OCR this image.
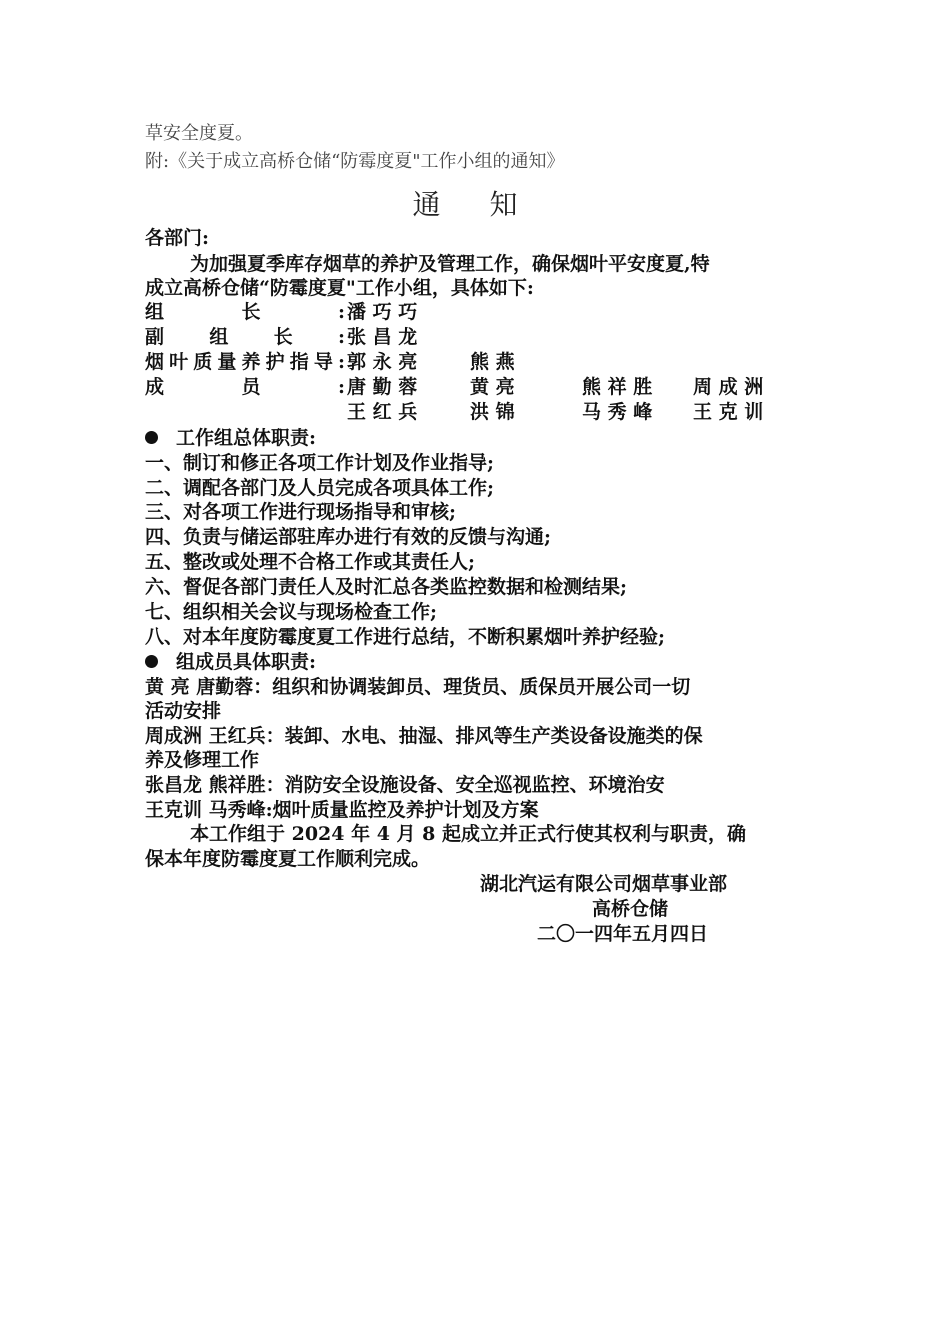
草安全度夏。
附:《关于成立高桥仓储“防霉度夏"工作小组的通知》
通 知
各部门:
为加强夏季库存烟草的养护及管理工作，确保烟叶平安度夏,特
成立高桥仓储“防霉度夏"工作小组，具体如下:
组长: 潘 巧 巧
副组长: 张 昌 龙
烟叶质量养护指导: 郭 永 亮	熊 燕
成员: 唐 勤 蓉	黄 亮	熊 祥 胜 周 成 洲
王 红 兵	洪 锦	马 秀 峰 王 克 训
工作组总体职责:
一、制订和修正各项工作计划及作业指导;
二、调配各部门及人员完成各项具体工作;
三、对各项工作进行现场指导和审核;
四、负责与储运部驻库办进行有效的反馈与沟通;
五、整改或处理不合格工作或其责任人;
六、督促各部门责任人及时汇总各类监控数据和检测结果;
七、组织相关会议与现场检查工作;
八、对本年度防霉度夏工作进行总结，不断积累烟叶养护经验;
组成员具体职责:
黄 亮 唐勤蓉：组织和协调装卸员、理货员、质保员开展公司一切
活动安排
周成洲 王红兵：装卸、水电、抽湿、排风等生产类设备设施类的保
养及修理工作
张昌龙 熊祥胜：消防安全设施设备、安全巡视监控、环境治安
王克训 马秀峰:烟叶质量监控及养护计划及方案
本工作组于 2024 年 4 月 8 起成立并正式行使其权利与职责，确
保本年度防霉度夏工作顺利完成。
湖北汽运有限公司烟草事业部
高桥仓储
二〇一四年五月四日
